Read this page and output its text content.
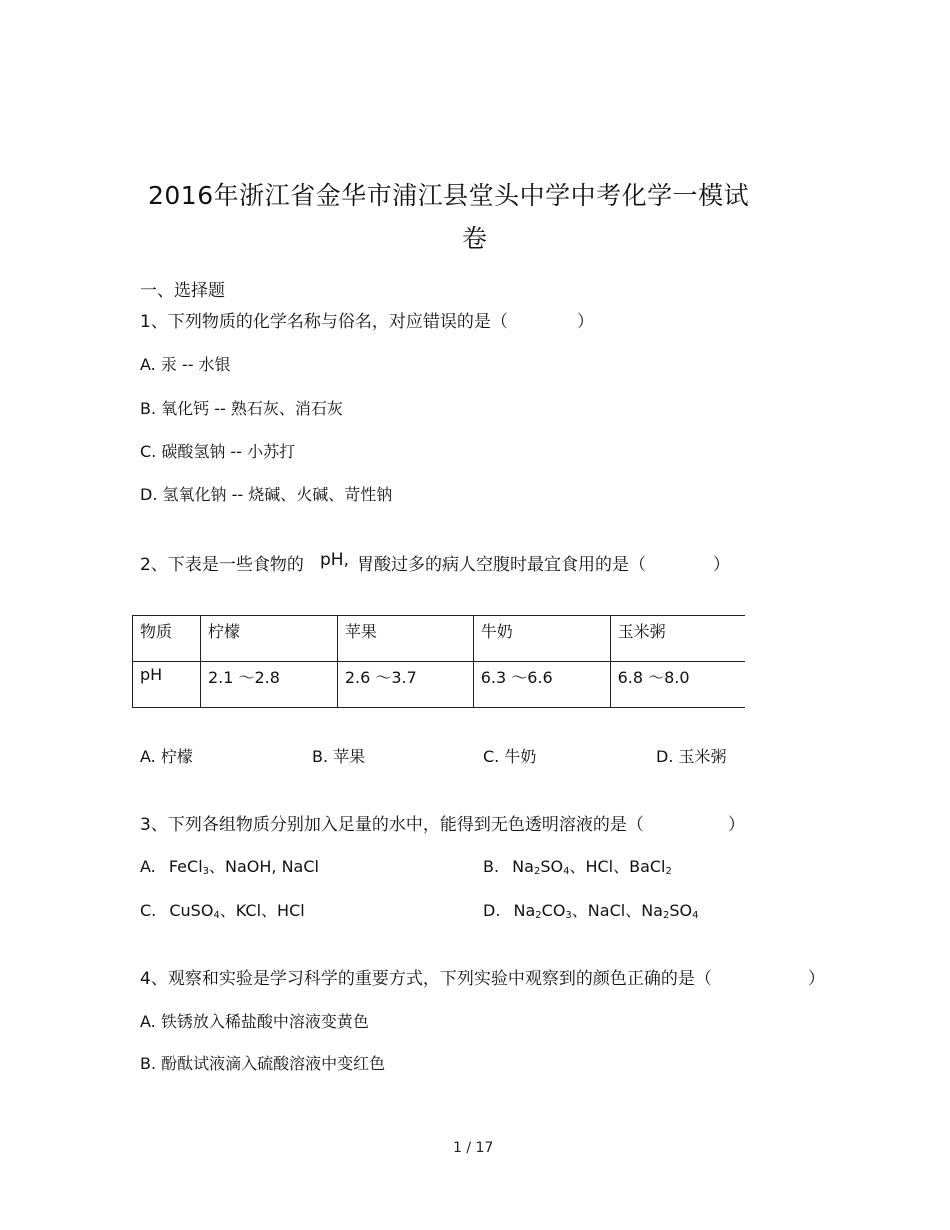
2016年浙江省金华市浦江县堂头中学中考化学一模试
卷
一、选择题
1、下列物质的化学名称与俗名，对应错误的是（	）
A. 汞 -- 水银
B. 氧化钙 -- 熟石灰、消石灰
C. 碳酸氢钠 -- 小苏打
D. 氢氧化钠 -- 烧碱、火碱、苛性钠
2、下表是一些食物的 pH, 胃酸过多的病人空腹时最宜食用的是（	）
物质	柠檬	苹果	牛奶	玉米粥
pH	2.1 ～2.8	2.6 ～3.7	6.3 ～6.6	6.8 ～8.0
A. 柠檬	B. 苹果	C. 牛奶	D. 玉米粥
3、下列各组物质分别加入足量的水中，能得到无色透明溶液的是（	）
A. FeCl$_3$、NaOH, NaCl	B. $Na_2SO_4$、HCl、BaCl$_2$
C. CuSO$_4$、KCl、HCl	D. $Na_2CO_3$、NaCl、$Na_2SO_4$
4、观察和实验是学习科学的重要方式，下列实验中观察到的颜色正确的是（	）
A. 铁锈放入稀盐酸中溶液变黄色
B. 酚酞试液滴入硫酸溶液中变红色
1 / 17
